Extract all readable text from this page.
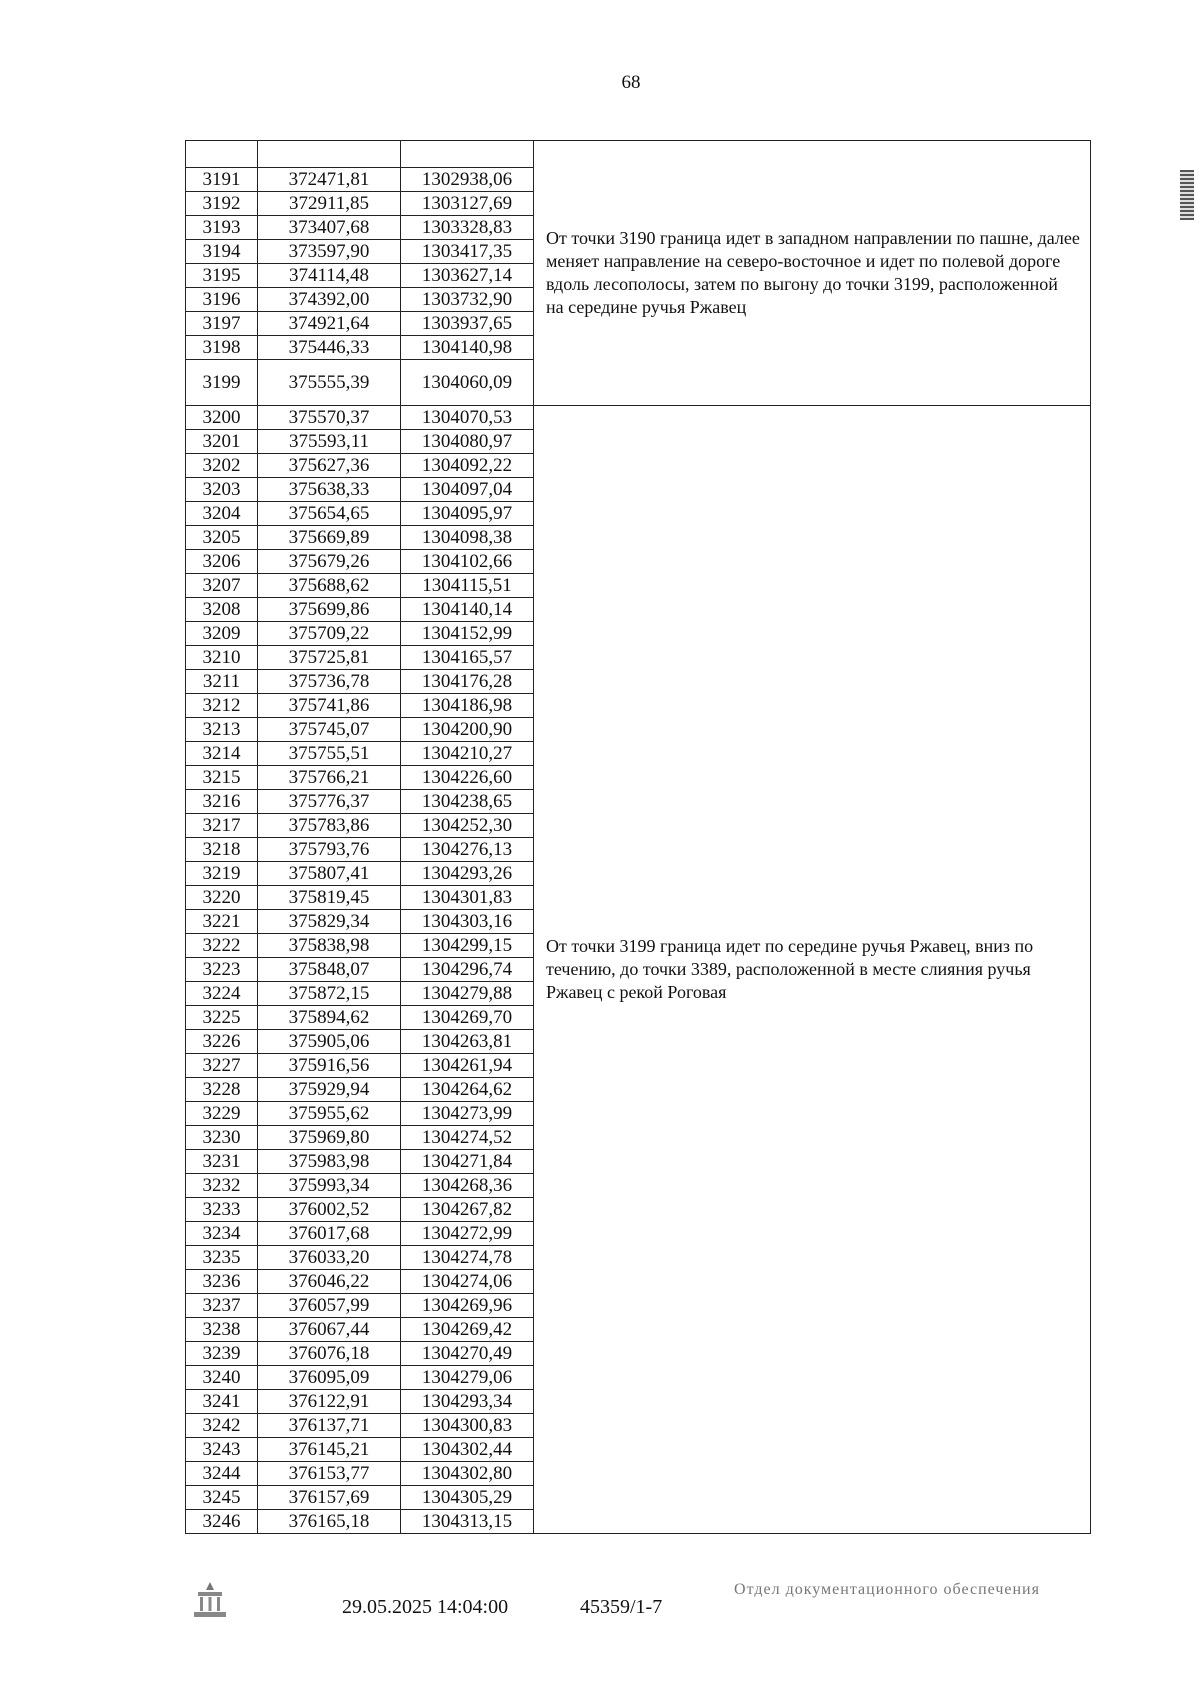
68
			От точки 3190 граница идет в западном направлении по пашне, далее меняет направление на северо-восточное и идет по полевой дороге вдоль лесополосы, затем по выгону до точки 3199, расположенной на середине ручья Ржавец
3191	372471,81	1302938,06	
3192	372911,85	1303127,69	
3193	373407,68	1303328,83	
3194	373597,90	1303417,35	
3195	374114,48	1303627,14	
3196	374392,00	1303732,90	
3197	374921,64	1303937,65	
3198	375446,33	1304140,98	
3199	375555,39	1304060,09	
3200	375570,37	1304070,53	От точки 3199 граница идет по середине ручья Ржавец, вниз по течению, до точки 3389, расположенной в месте слияния ручья Ржавец с рекой Роговая
3201	375593,11	1304080,97	
3202	375627,36	1304092,22	
3203	375638,33	1304097,04	
3204	375654,65	1304095,97	
3205	375669,89	1304098,38	
3206	375679,26	1304102,66	
3207	375688,62	1304115,51	
3208	375699,86	1304140,14	
3209	375709,22	1304152,99	
3210	375725,81	1304165,57	
3211	375736,78	1304176,28	
3212	375741,86	1304186,98	
3213	375745,07	1304200,90	
3214	375755,51	1304210,27	
3215	375766,21	1304226,60	
3216	375776,37	1304238,65	
3217	375783,86	1304252,30	
3218	375793,76	1304276,13	
3219	375807,41	1304293,26	
3220	375819,45	1304301,83	
3221	375829,34	1304303,16	
3222	375838,98	1304299,15	
3223	375848,07	1304296,74	
3224	375872,15	1304279,88	
3225	375894,62	1304269,70	
3226	375905,06	1304263,81	
3227	375916,56	1304261,94	
3228	375929,94	1304264,62	
3229	375955,62	1304273,99	
3230	375969,80	1304274,52	
3231	375983,98	1304271,84	
3232	375993,34	1304268,36	
3233	376002,52	1304267,82	
3234	376017,68	1304272,99	
3235	376033,20	1304274,78	
3236	376046,22	1304274,06	
3237	376057,99	1304269,96	
3238	376067,44	1304269,42	
3239	376076,18	1304270,49	
3240	376095,09	1304279,06	
3241	376122,91	1304293,34	
3242	376137,71	1304300,83	
3243	376145,21	1304302,44	
3244	376153,77	1304302,80	
3245	376157,69	1304305,29	
3246	376165,18	1304313,15	
29.05.2025 14:04:00	45359/1-7
Отдел документационного обеспечения
